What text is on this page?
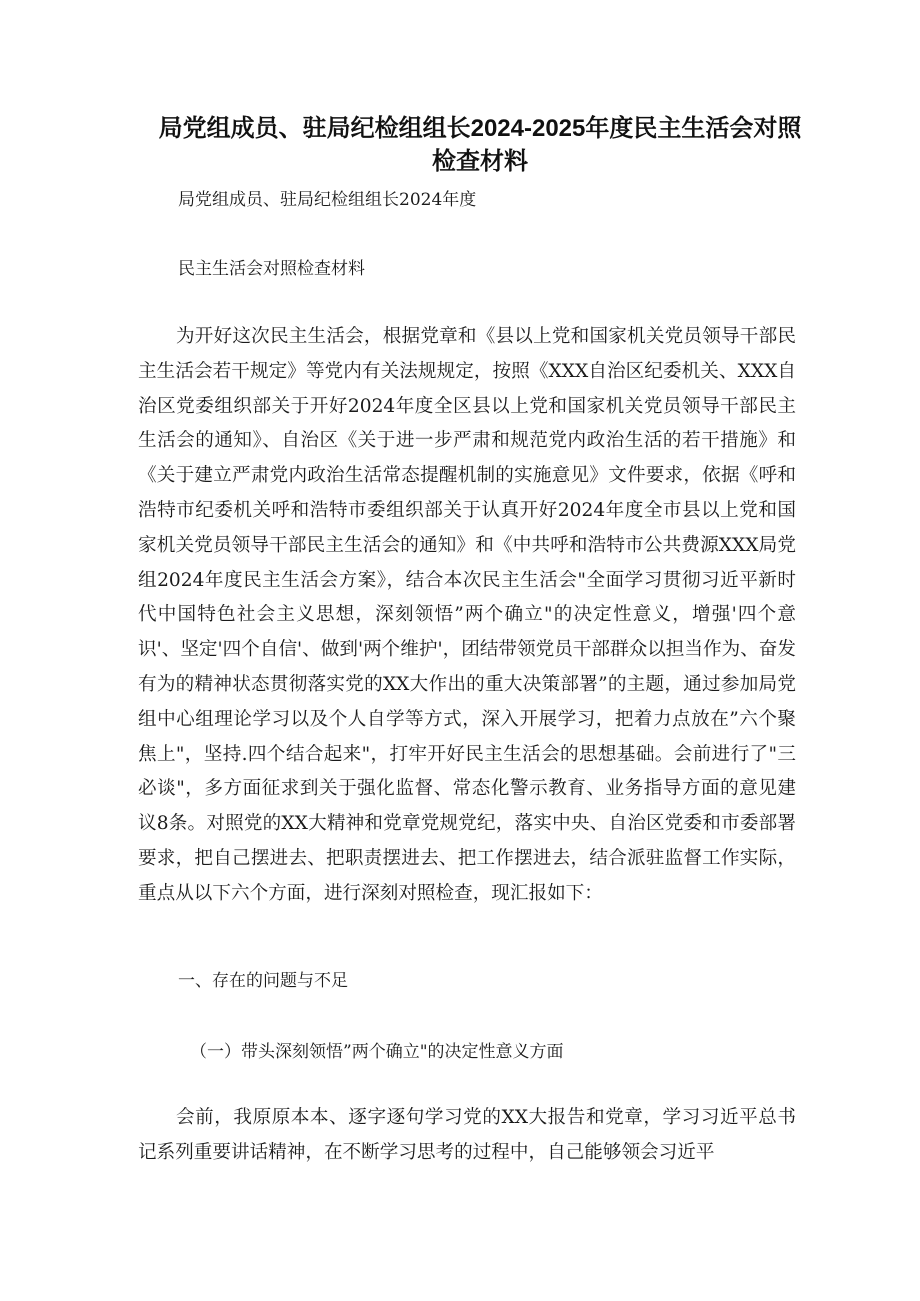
局党组成员、驻局纪检组组长2024-2025年度民主生活会对照检查材料

局党组成员、驻局纪检组组长2024年度

民主生活会对照检查材料

为开好这次民主生活会，根据党章和《县以上党和国家机关党员领导干部民主生活会若干规定》等党内有关法规规定，按照《XXX自治区纪委机关、XXX自治区党委组织部关于开好2024年度全区县以上党和国家机关党员领导干部民主生活会的通知》、自治区《关于进一步严肃和规范党内政治生活的若干措施》和《关于建立严肃党内政治生活常态提醒机制的实施意见》文件要求，依据《呼和浩特市纪委机关呼和浩特市委组织部关于认真开好2024年度全市县以上党和国家机关党员领导干部民主生活会的通知》和《中共呼和浩特市公共费源XXX局党组2024年度民主生活会方案》，结合本次民主生活会"全面学习贯彻习近平新时代中国特色社会主义思想，深刻领悟”两个确立"的决定性意义，增强'四个意识'、坚定'四个自信'、做到'两个维护'，团结带领党员干部群众以担当作为、奋发有为的精神状态贯彻落实党的XX大作出的重大决策部署”的主题，通过参加局党组中心组理论学习以及个人自学等方式，深入开展学习，把着力点放在”六个聚焦上"，坚持.四个结合起来"，打牢开好民主生活会的思想基础。会前进行了"三必谈"，多方面征求到关于强化监督、常态化警示教育、业务指导方面的意见建议8条。对照党的XX大精神和党章党规党纪，落实中央、自治区党委和市委部署要求，把自己摆进去、把职责摆进去、把工作摆进去，结合派驻监督工作实际，重点从以下六个方面，进行深刻对照检查，现汇报如下：

一、存在的问题与不足

（一）带头深刻领悟”两个确立"的决定性意义方面

会前，我原原本本、逐字逐句学习党的XX大报告和党章，学习习近平总书记系列重要讲话精神，在不断学习思考的过程中，自己能够领会习近平
